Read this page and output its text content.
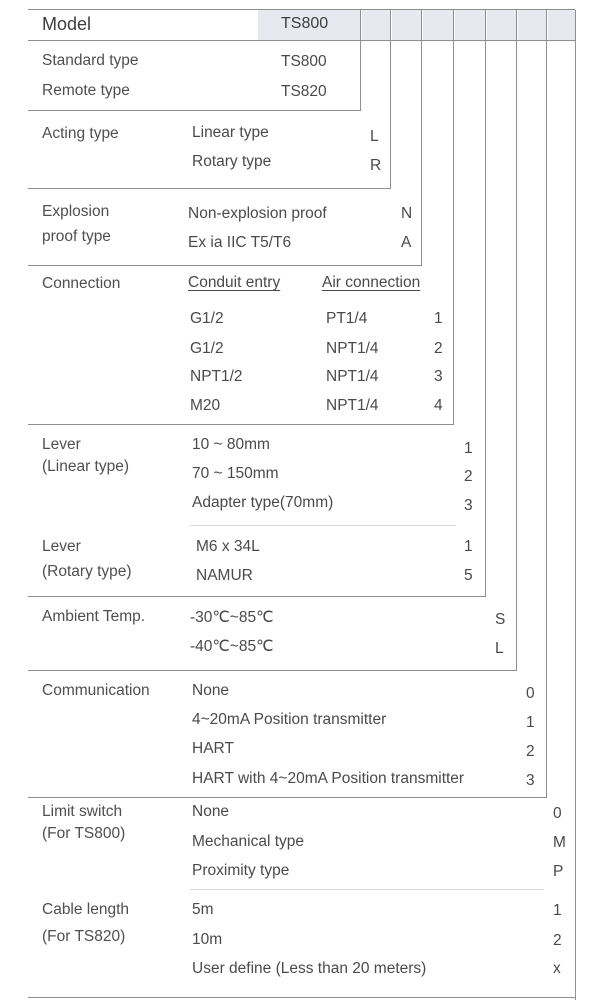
Model	TS800
Standard type	TS800
Remote type	TS820
Acting type	Linear type	L
Rotary type	R
Explosion
proof type
Non-explosion proof	N
Ex ia IIC T5/T6	A
Connection	Conduit entry	Air connection
G1/2	PT1/4	1
G1/2	NPT1/4	2
NPT1/2	NPT1/4	3
M20	NPT1/4	4
Lever
(Linear type)
10 ~ 80mm	1
70 ~ 150mm	2
Adapter type(70mm)	3
Lever
(Rotary type)
M6 x 34L	1
NAMUR	5
Ambient Temp.	-30℃~85℃	S
-40℃~85℃	L
Communication	None	0
4~20mA Position transmitter	1
HART	2
HART with 4~20mA Position transmitter	3
Limit switch
(For TS800)
None	0
Mechanical type	M
Proximity type	P
Cable length
(For TS820)
5m	1
10m	2
User define (Less than 20 meters)	x
